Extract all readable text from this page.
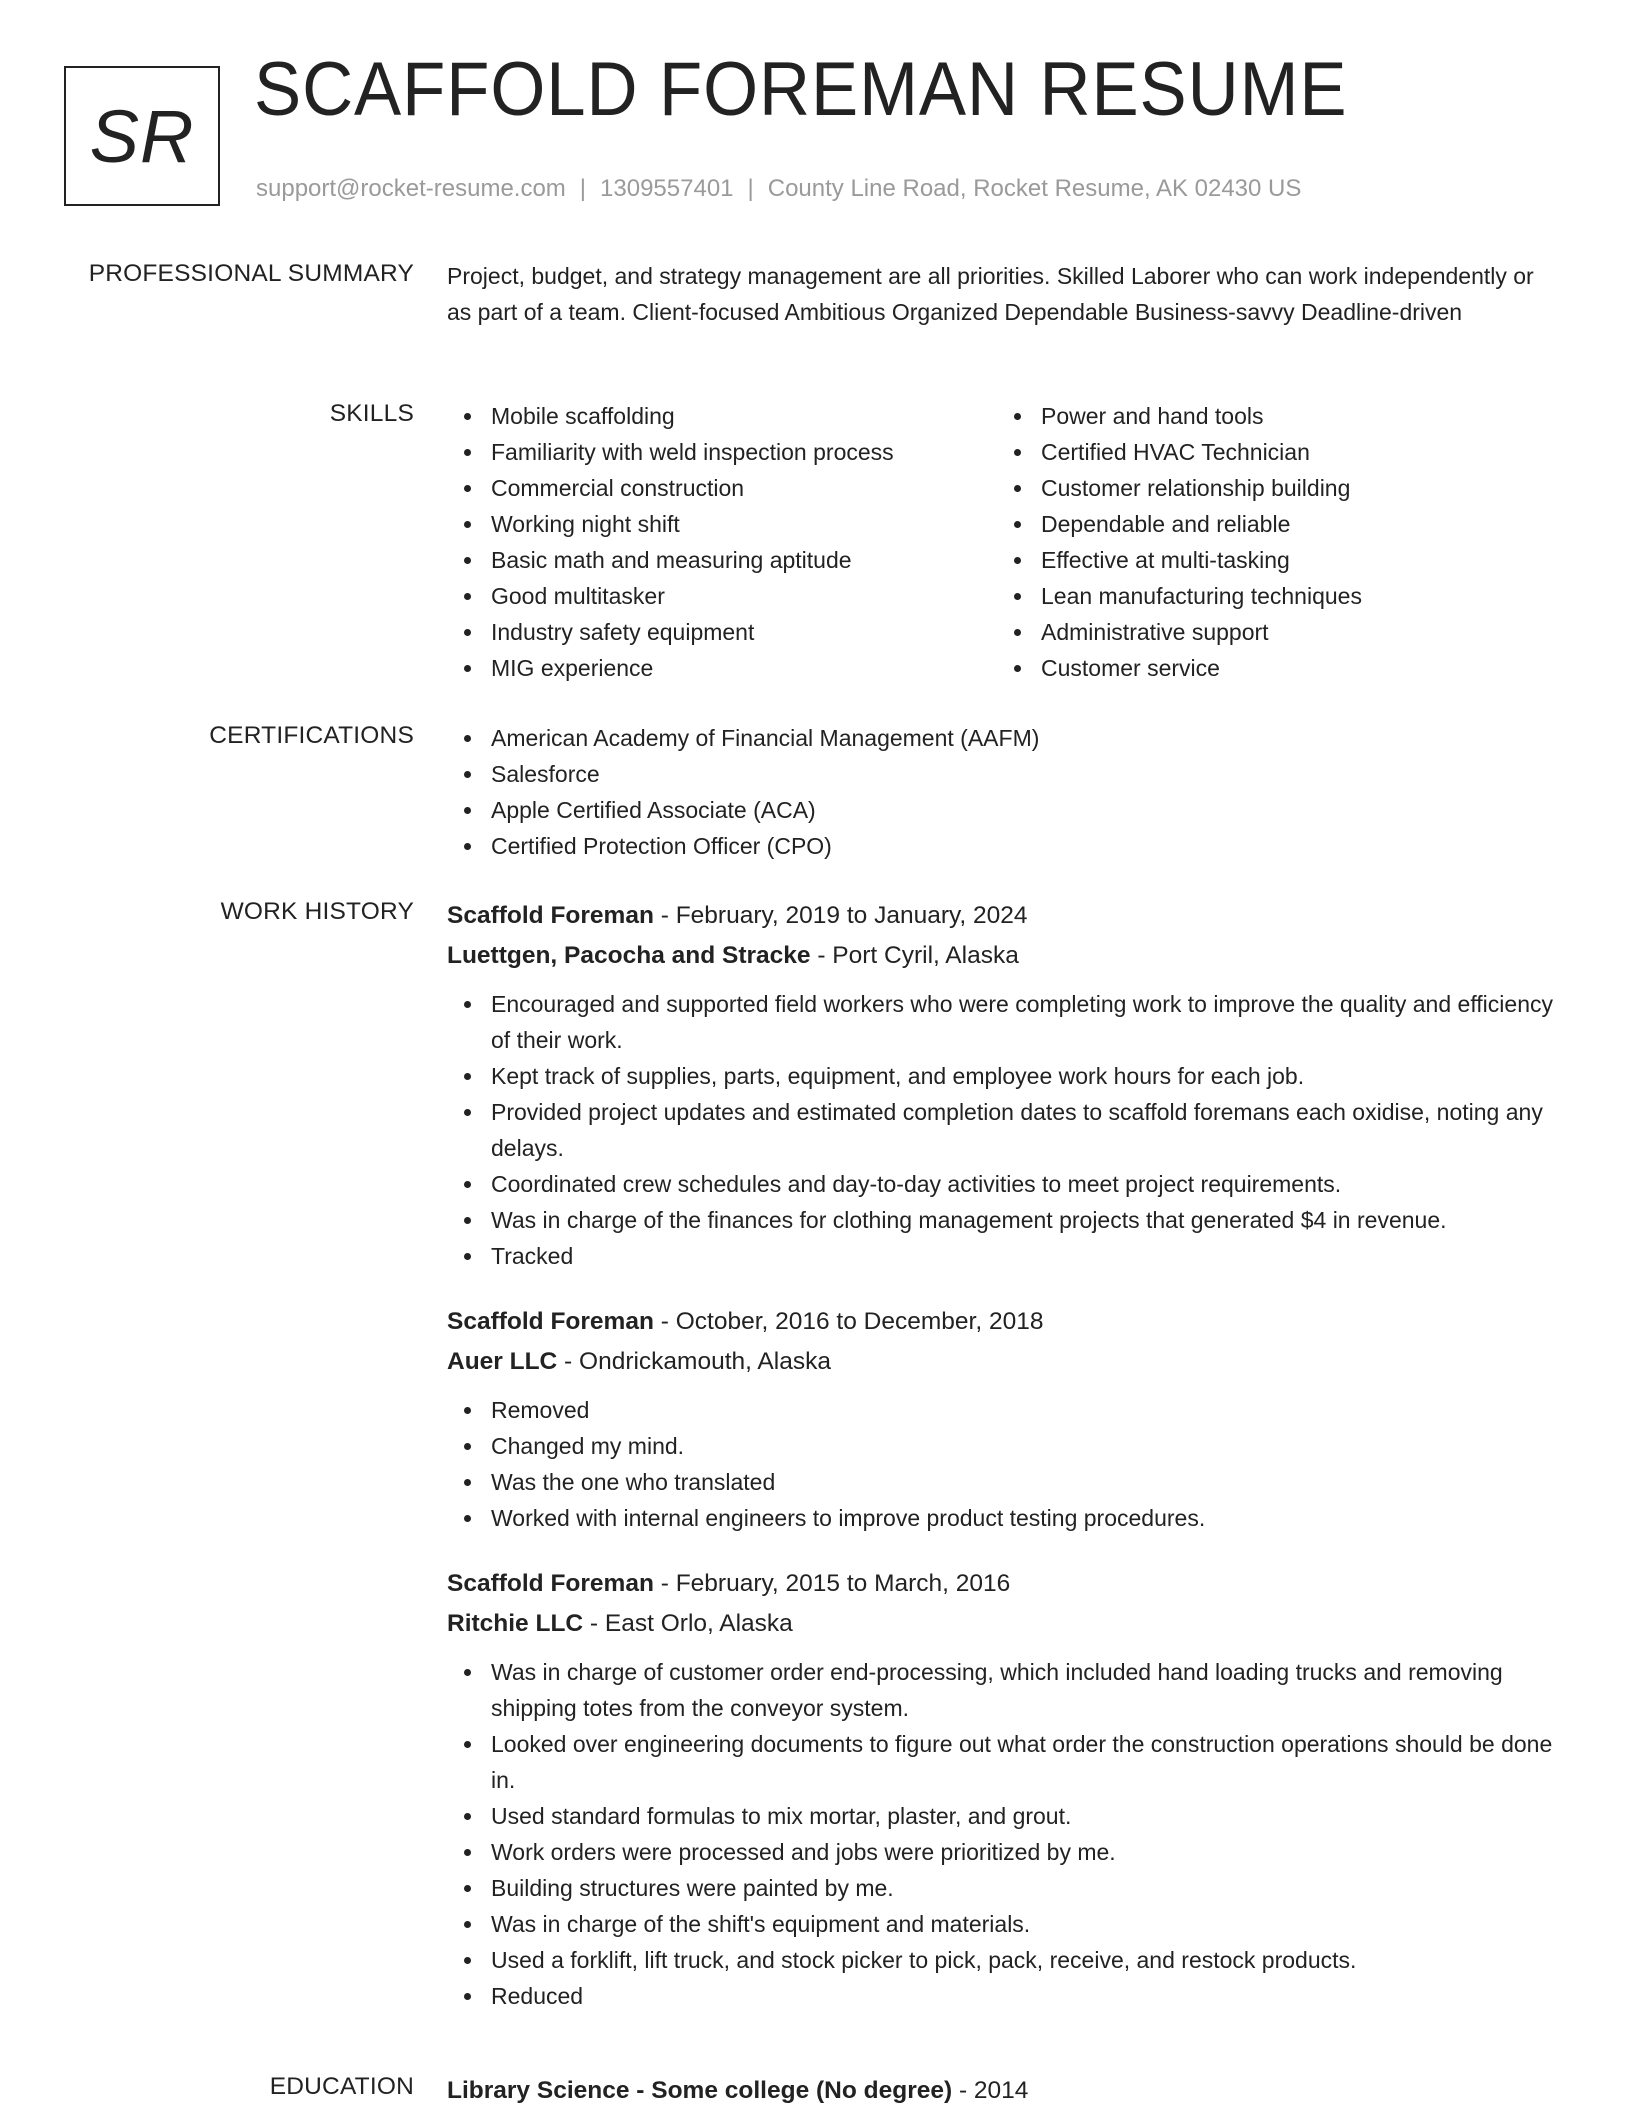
SR
SCAFFOLD FOREMAN RESUME
support@rocket-resume.com | 1309557401 | County Line Road, Rocket Resume, AK 02430 US
PROFESSIONAL SUMMARY Project, budget, and strategy management are all priorities. Skilled Laborer who can work independently or as part of a team. Client-focused Ambitious Organized Dependable Business-savvy Deadline-driven
SKILLS	Mobile scaffolding
Familiarity with weld inspection process
Commercial construction
Working night shift
Basic math and measuring aptitude
Good multitasker
Industry safety equipment
MIG experience
Power and hand tools
Certified HVAC Technician
Customer relationship building
Dependable and reliable
Effective at multi-tasking
Lean manufacturing techniques
Administrative support
Customer service
CERTIFICATIONS	American Academy of Financial Management (AAFM)
Salesforce
Apple Certified Associate (ACA)
Certified Protection Officer (CPO)
WORK HISTORY Scaffold Foreman - February, 2019 to January, 2024
Luettgen, Pacocha and Stracke - Port Cyril, Alaska
Encouraged and supported field workers who were completing work to improve the quality and efficiency of their work.
Kept track of supplies, parts, equipment, and employee work hours for each job.
Provided project updates and estimated completion dates to scaffold foremans each oxidise, noting any delays.
Coordinated crew schedules and day-to-day activities to meet project requirements.
Was in charge of the finances for clothing management projects that generated $4 in revenue.
Tracked
Scaffold Foreman - October, 2016 to December, 2018
Auer LLC - Ondrickamouth, Alaska
Removed
Changed my mind.
Was the one who translated
Worked with internal engineers to improve product testing procedures.
Scaffold Foreman - February, 2015 to March, 2016
Ritchie LLC - East Orlo, Alaska
Was in charge of customer order end-processing, which included hand loading trucks and removing shipping totes from the conveyor system.
Looked over engineering documents to figure out what order the construction operations should be done in.
Used standard formulas to mix mortar, plaster, and grout.
Work orders were processed and jobs were prioritized by me.
Building structures were painted by me.
Was in charge of the shift's equipment and materials.
Used a forklift, lift truck, and stock picker to pick, pack, receive, and restock products.
Reduced
EDUCATION Library Science - Some college (No degree) - 2014
